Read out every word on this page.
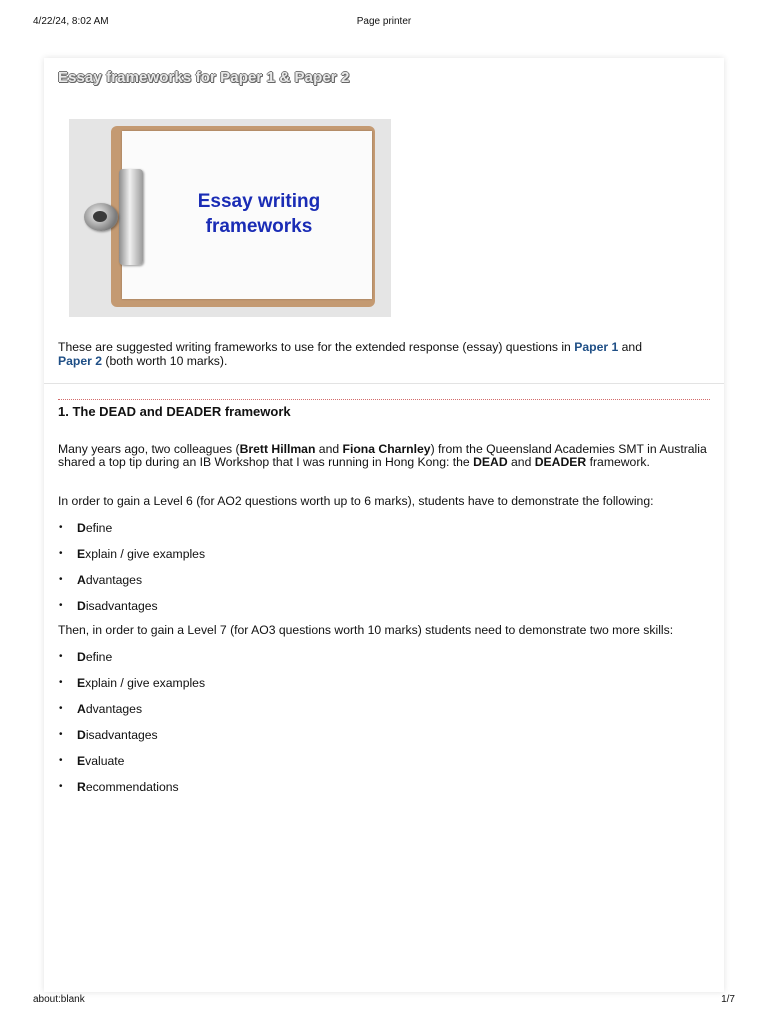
4/22/24, 8:02 AM	Page printer
Essay frameworks for Paper 1 & Paper 2
Essay writing
frameworks
These are suggested writing frameworks to use for the extended response (essay) questions in Paper 1 and
Paper 2 (both worth 10 marks).
1. The DEAD and DEADER framework
Many years ago, two colleagues (Brett Hillman and Fiona Charnley) from the Queensland Academies SMT in Australia shared a top tip during an IB Workshop that I was running in Hong Kong: the DEAD and DEADER framework.
In order to gain a Level 6 (for AO2 questions worth up to 6 marks), students have to demonstrate the following:
• Define
• Explain / give examples
• Advantages
• Disadvantages
Then, in order to gain a Level 7 (for AO3 questions worth 10 marks) students need to demonstrate two more skills:
• Define
• Explain / give examples
• Advantages
• Disadvantages
• Evaluate
• Recommendations
about:blank	1/7
